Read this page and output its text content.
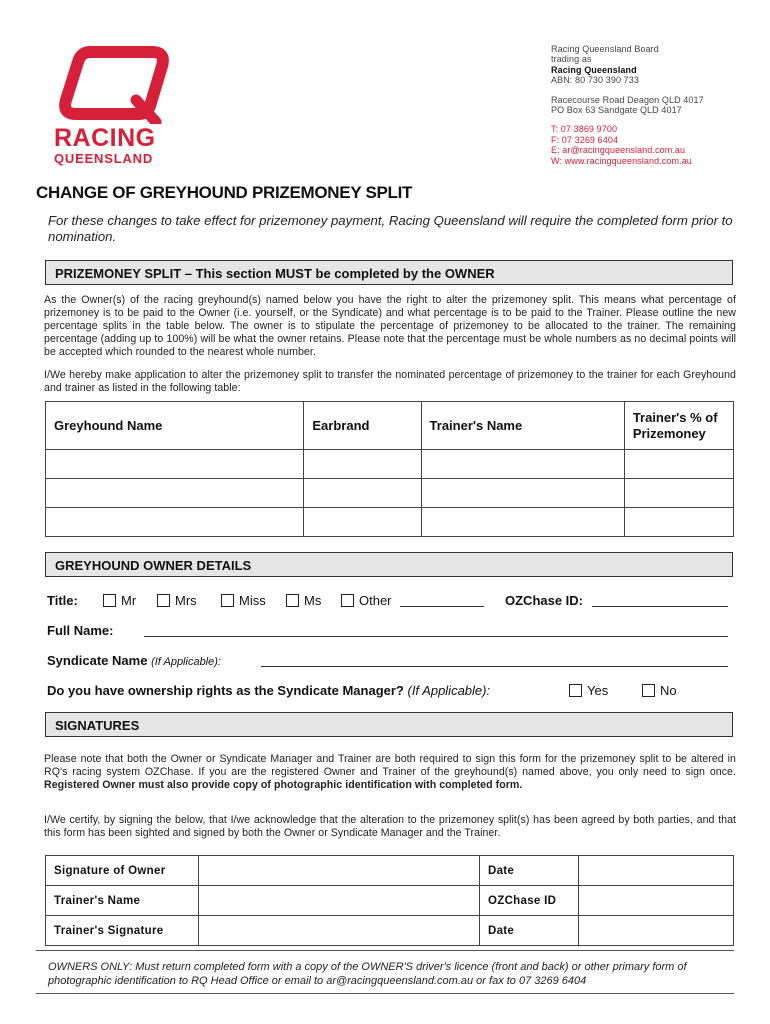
RACING
QUEENSLAND
Racing Queensland Board
trading as
Racing Queensland
ABN: 80 730 390 733
Racecourse Road Deagon QLD 4017
PO Box 63 Sandgate QLD 4017
T: 07 3869 9700
F: 07 3269 6404
E: ar@racingqueensland.com.au
W: www.racingqueensland.com.au
CHANGE OF GREYHOUND PRIZEMONEY SPLIT
For these changes to take effect for prizemoney payment, Racing Queensland will require the completed form prior to nomination.
PRIZEMONEY SPLIT – This section MUST be completed by the OWNER
As the Owner(s) of the racing greyhound(s) named below you have the right to alter the prizemoney split. This means what percentage of prizemoney is to be paid to the Owner (i.e. yourself, or the Syndicate) and what percentage is to be paid to the Trainer. Please outline the new percentage splits in the table below. The owner is to stipulate the percentage of prizemoney to be allocated to the trainer. The remaining percentage (adding up to 100%) will be what the owner retains. Please note that the percentage must be whole numbers as no decimal points will be accepted which rounded to the nearest whole number.
I/We hereby make application to alter the prizemoney split to transfer the nominated percentage of prizemoney to the trainer for each Greyhound and trainer as listed in the following table:
Greyhound Name	Earbrand	Trainer's Name	Trainer's % of Prizemoney

GREYHOUND OWNER DETAILS
Title:	Mr	Mrs	Miss	Ms	Other	OZChase ID:
Full Name:
Syndicate Name (If Applicable):
Do you have ownership rights as the Syndicate Manager? (If Applicable):	Yes	No
SIGNATURES
Please note that both the Owner or Syndicate Manager and Trainer are both required to sign this form for the prizemoney split to be altered in RQ's racing system OZChase. If you are the registered Owner and Trainer of the greyhound(s) named above, you only need to sign once. Registered Owner must also provide copy of photographic identification with completed form.
I/We certify, by signing the below, that I/we acknowledge that the alteration to the prizemoney split(s) has been agreed by both parties, and that this form has been sighted and signed by both the Owner or Syndicate Manager and the Trainer.
Signature of Owner		Date	
Trainer's Name		OZChase ID	
Trainer's Signature		Date	
OWNERS ONLY: Must return completed form with a copy of the OWNER'S driver's licence (front and back) or other primary form of photographic identification to RQ Head Office or email to ar@racingqueensland.com.au or fax to 07 3269 6404
